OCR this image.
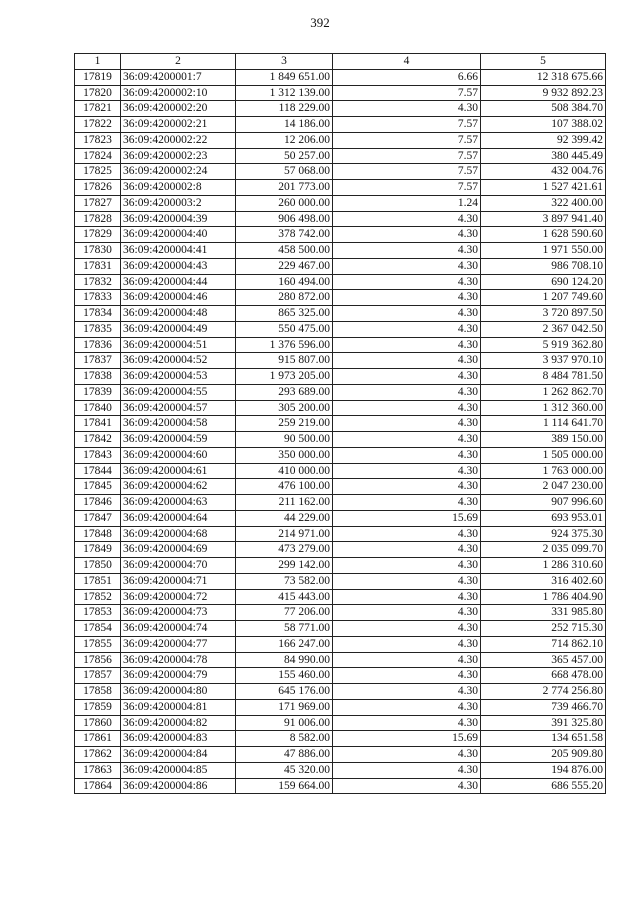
392
1	2	3	4	5
17819	36:09:4200001:7	1 849 651.00	6.66	12 318 675.66
17820	36:09:4200002:10	1 312 139.00	7.57	9 932 892.23
17821	36:09:4200002:20	118 229.00	4.30	508 384.70
17822	36:09:4200002:21	14 186.00	7.57	107 388.02
17823	36:09:4200002:22	12 206.00	7.57	92 399.42
17824	36:09:4200002:23	50 257.00	7.57	380 445.49
17825	36:09:4200002:24	57 068.00	7.57	432 004.76
17826	36:09:4200002:8	201 773.00	7.57	1 527 421.61
17827	36:09:4200003:2	260 000.00	1.24	322 400.00
17828	36:09:4200004:39	906 498.00	4.30	3 897 941.40
17829	36:09:4200004:40	378 742.00	4.30	1 628 590.60
17830	36:09:4200004:41	458 500.00	4.30	1 971 550.00
17831	36:09:4200004:43	229 467.00	4.30	986 708.10
17832	36:09:4200004:44	160 494.00	4.30	690 124.20
17833	36:09:4200004:46	280 872.00	4.30	1 207 749.60
17834	36:09:4200004:48	865 325.00	4.30	3 720 897.50
17835	36:09:4200004:49	550 475.00	4.30	2 367 042.50
17836	36:09:4200004:51	1 376 596.00	4.30	5 919 362.80
17837	36:09:4200004:52	915 807.00	4.30	3 937 970.10
17838	36:09:4200004:53	1 973 205.00	4.30	8 484 781.50
17839	36:09:4200004:55	293 689.00	4.30	1 262 862.70
17840	36:09:4200004:57	305 200.00	4.30	1 312 360.00
17841	36:09:4200004:58	259 219.00	4.30	1 114 641.70
17842	36:09:4200004:59	90 500.00	4.30	389 150.00
17843	36:09:4200004:60	350 000.00	4.30	1 505 000.00
17844	36:09:4200004:61	410 000.00	4.30	1 763 000.00
17845	36:09:4200004:62	476 100.00	4.30	2 047 230.00
17846	36:09:4200004:63	211 162.00	4.30	907 996.60
17847	36:09:4200004:64	44 229.00	15.69	693 953.01
17848	36:09:4200004:68	214 971.00	4.30	924 375.30
17849	36:09:4200004:69	473 279.00	4.30	2 035 099.70
17850	36:09:4200004:70	299 142.00	4.30	1 286 310.60
17851	36:09:4200004:71	73 582.00	4.30	316 402.60
17852	36:09:4200004:72	415 443.00	4.30	1 786 404.90
17853	36:09:4200004:73	77 206.00	4.30	331 985.80
17854	36:09:4200004:74	58 771.00	4.30	252 715.30
17855	36:09:4200004:77	166 247.00	4.30	714 862.10
17856	36:09:4200004:78	84 990.00	4.30	365 457.00
17857	36:09:4200004:79	155 460.00	4.30	668 478.00
17858	36:09:4200004:80	645 176.00	4.30	2 774 256.80
17859	36:09:4200004:81	171 969.00	4.30	739 466.70
17860	36:09:4200004:82	91 006.00	4.30	391 325.80
17861	36:09:4200004:83	8 582.00	15.69	134 651.58
17862	36:09:4200004:84	47 886.00	4.30	205 909.80
17863	36:09:4200004:85	45 320.00	4.30	194 876.00
17864	36:09:4200004:86	159 664.00	4.30	686 555.20
